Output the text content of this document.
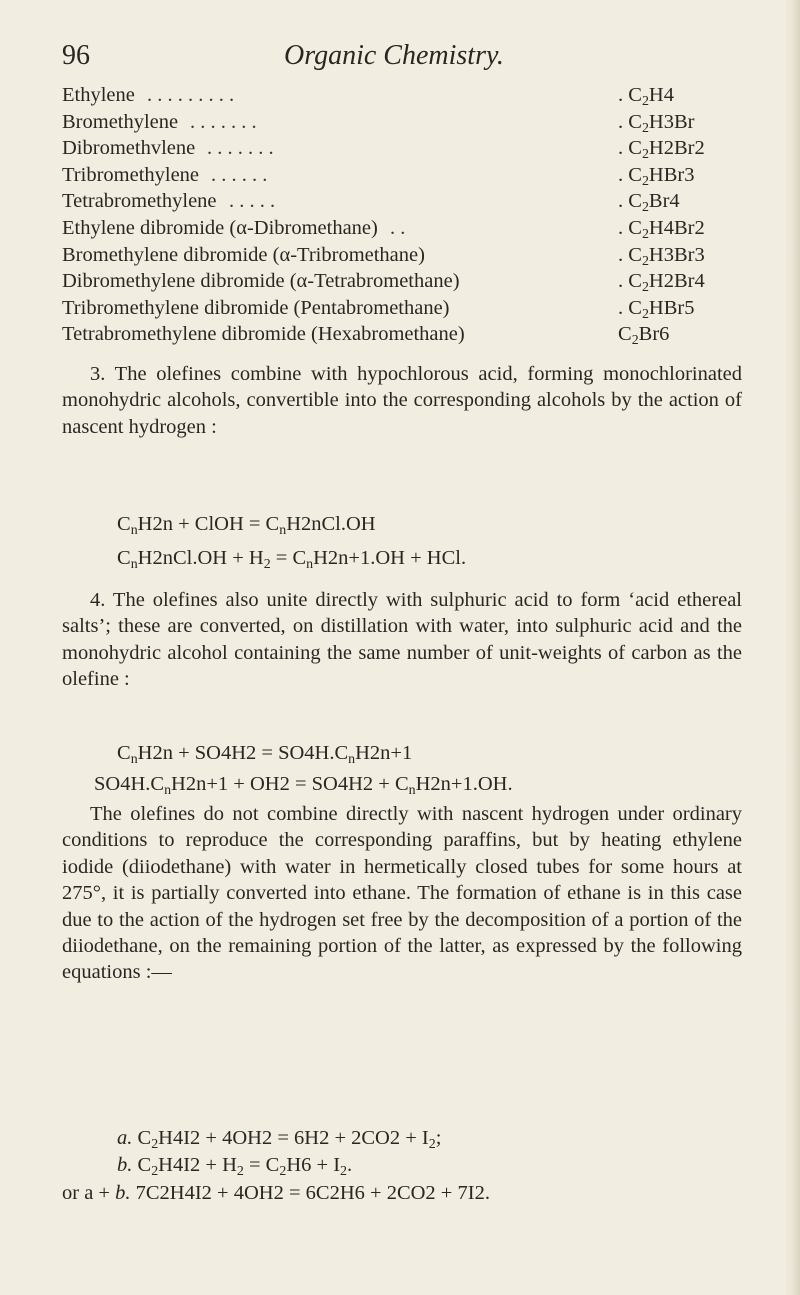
96	Organic Chemistry.
Ethylene . . . . . . . . .	. $C_2H4$
Bromethylene . . . . . . .	. $C_2H3Br$
Dibromethvlene . . . . . . .	. $C_2H2Br2$
Tribromethylene . . . . . .	. $C_2HBr3$
Tetrabromethylene . . . . .	. $C_2Br4$
Ethylene dibromide (α-Dibromethane) . .	. $C_2H4Br2$
Bromethylene dibromide (α-Tribromethane)	. $C_2H3Br3$
Dibromethylene dibromide (α-Tetrabromethane)	. $C_2H2Br4$
Tribromethylene dibromide (Pentabromethane)	. $C_2HBr5$
Tetrabromethylene dibromide (Hexabromethane)	$C_2Br6$

3. The olefines combine with hypochlorous acid, forming monochlorinated monohydric alcohols, convertible into the corresponding alcohols by the action of nascent hydrogen :

$C_nH2n$ + ClOH = $C_nH2nCl.OH$
$C_nH2nCl.OH + H_2 = C_nH2n+1.OH$ + HCl.

4. The olefines also unite directly with sulphuric acid to form ‘acid ethereal salts’; these are converted, on distillation with water, into sulphuric acid and the monohydric alcohol containing the same number of unit-weights of carbon as the olefine :

$C_nH2n + SO4H2 = SO4H.C_nH2n+1$
$SO4H.C_nH2n+1 + OH2 = SO4H2 + C_nH2n+1.OH$.

The olefines do not combine directly with nascent hydrogen under ordinary conditions to reproduce the corresponding paraffins, but by heating ethylene iodide (diiodethane) with water in hermetically closed tubes for some hours at 275°, it is partially converted into ethane. The formation of ethane is in this case due to the action of the hydrogen set free by the decomposition of a portion of the diiodethane, on the remaining portion of the latter, as expressed by the following equations :—

a. $C_2H4I2 + 4OH2 = 6H2 + 2CO2 + I_2$;
b. $C_2H4I2 + H_2 = C_2H6 + I_2$.
or a + b. 7C2H4I2 + 4OH2 = 6C2H6 + 2CO2 + 7I2.
